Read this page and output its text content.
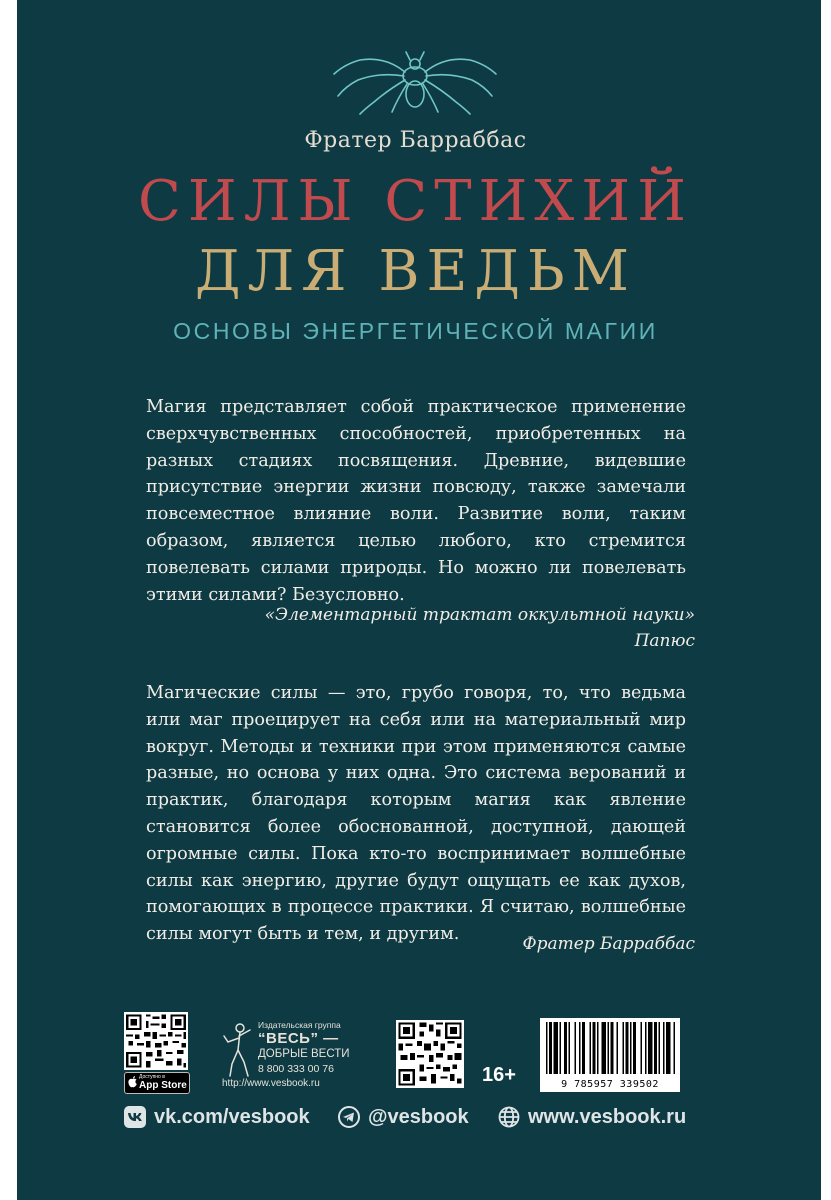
Фратер Барраббас
СИЛЫ СТИХИЙ
ДЛЯ ВЕДЬМ
ОСНОВЫ ЭНЕРГЕТИЧЕСКОЙ МАГИИ
Магия представляет собой практическое применение сверхчувственных способностей, приобретенных на разных стадиях посвящения. Древние, видевшие присутствие энергии жизни повсюду, также замечали повсеместное влияние воли. Развитие воли, таким образом, является целью любого, кто стремится повелевать силами природы. Но можно ли повелевать этими силами? Безусловно.
«Элементарный трактат оккультной науки»
Папюс
Магические силы — это, грубо говоря, то, что ведьма или маг проецирует на себя или на материальный мир вокруг. Методы и техники при этом применяются самые разные, но основа у них одна. Это система верований и практик, благодаря которым магия как явление становится более обоснованной, доступной, дающей огромные силы. Пока кто-то воспринимает волшебные силы как энергию, другие будут ощущать ее как духов, помогающих в процессе практики. Я считаю, волшебные силы могут быть и тем, и другим.	Фратер Барраббас
Доступно в
App Store
Издательская группа
“ВЕСЬ” —
ДОБРЫЕ ВЕСТИ
8 800 333 00 76
http://www.vesbook.ru	16+	9 785957 339502
vk.com/vesbook	@vesbook	www.vesbook.ru
